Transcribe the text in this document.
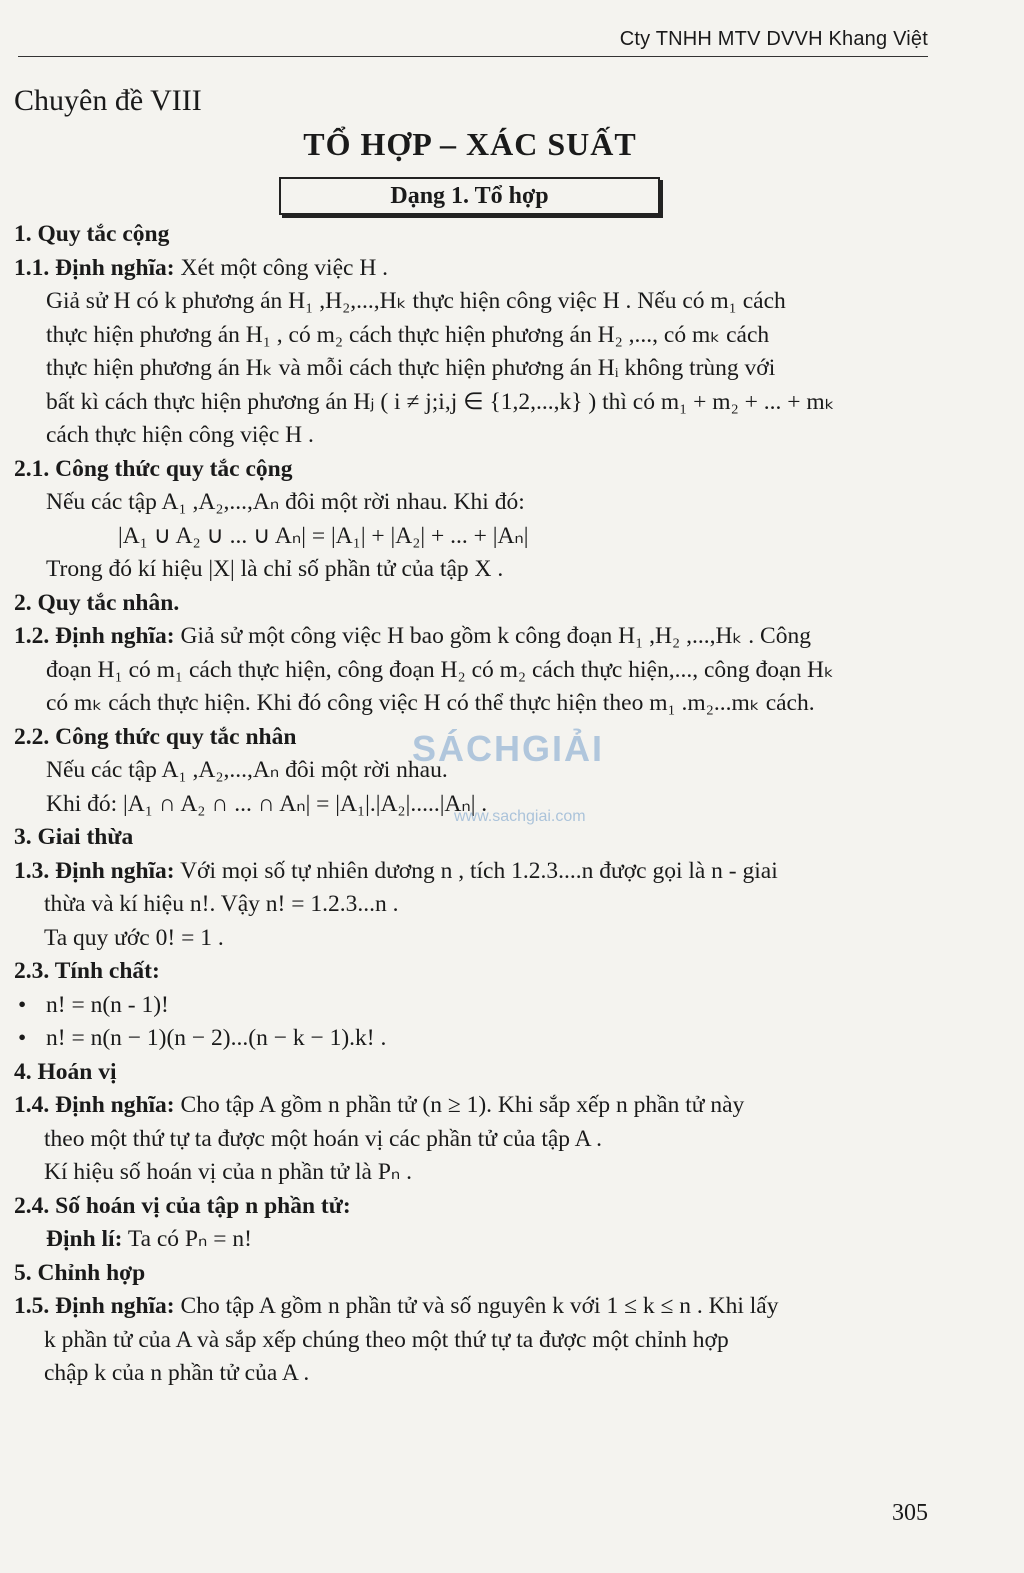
Cty TNHH MTV DVVH Khang Việt
Chuyên đề VIII
TỔ HỢP – XÁC SUẤT
Dạng 1. Tổ hợp

1. Quy tắc cộng

1.1. Định nghĩa: Xét một công việc H .

Giả sử H có k phương án H₁ ,H₂,...,Hₖ thực hiện công việc H . Nếu có m₁ cách

thực hiện phương án H₁ , có m₂ cách thực hiện phương án H₂ ,..., có mₖ cách

thực hiện phương án Hₖ và mỗi cách thực hiện phương án Hᵢ không trùng với

bất kì cách thực hiện phương án Hⱼ ( i ≠ j;i,j ∈ {1,2,...,k} ) thì có m₁ + m₂ + ... + mₖ

cách thực hiện công việc H .

2.1. Công thức quy tắc cộng

Nếu các tập A₁ ,A₂,...,Aₙ đôi một rời nhau. Khi đó:

|A₁ ∪ A₂ ∪ ... ∪ Aₙ| = |A₁| + |A₂| + ... + |Aₙ|

Trong đó kí hiệu |X| là chỉ số phần tử của tập X .

2. Quy tắc nhân.

1.2. Định nghĩa: Giả sử một công việc H bao gồm k công đoạn H₁ ,H₂ ,...,Hₖ . Công

đoạn H₁ có m₁ cách thực hiện, công đoạn H₂ có m₂ cách thực hiện,..., công đoạn Hₖ

có mₖ cách thực hiện. Khi đó công việc H có thể thực hiện theo m₁ .m₂...mₖ cách.

2.2. Công thức quy tắc nhân

Nếu các tập A₁ ,A₂,...,Aₙ đôi một rời nhau.

Khi đó: |A₁ ∩ A₂ ∩ ... ∩ Aₙ| = |A₁|.|A₂|.....|Aₙ| .

3. Giai thừa

1.3. Định nghĩa: Với mọi số tự nhiên dương n , tích 1.2.3....n được gọi là n - giai

thừa và kí hiệu n!. Vậy n! = 1.2.3...n .

Ta quy ước 0! = 1 .

2.3. Tính chất:

• n! = n(n - 1)!

• n! = n(n − 1)(n − 2)...(n − k − 1).k! .

4. Hoán vị

1.4. Định nghĩa: Cho tập A gồm n phần tử (n ≥ 1). Khi sắp xếp n phần tử này

theo một thứ tự ta được một hoán vị các phần tử của tập A .

Kí hiệu số hoán vị của n phần tử là Pₙ .

2.4. Số hoán vị của tập n phần tử:

Định lí: Ta có Pₙ = n!

5. Chỉnh hợp

1.5. Định nghĩa: Cho tập A gồm n phần tử và số nguyên k với 1 ≤ k ≤ n . Khi lấy

k phần tử của A và sắp xếp chúng theo một thứ tự ta được một chỉnh hợp

chập k của n phần tử của A .

SÁCHGIẢI
www.sachgiai.com
305
